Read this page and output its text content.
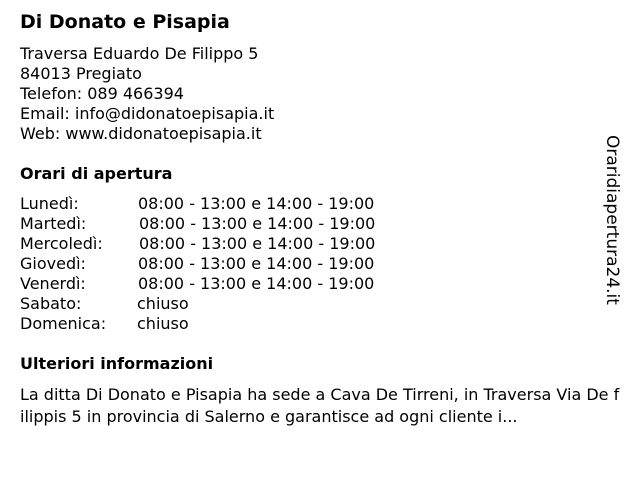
Di Donato e Pisapia
Traversa Eduardo De Filippo 5
84013 Pregiato
Telefon: 089 466394
Email: info@didonatoepisapia.it
Web: www.didonatoepisapia.it
Orari di apertura
Lunedì:	08:00 - 13:00 e 14:00 - 19:00
Martedì:	08:00 - 13:00 e 14:00 - 19:00
Mercoledì: 08:00 - 13:00 e 14:00 - 19:00
Giovedì:	08:00 - 13:00 e 14:00 - 19:00
Venerdì:	08:00 - 13:00 e 14:00 - 19:00
Sabato:	chiuso
Domenica: chiuso
Ulteriori informazioni

La ditta Di Donato e Pisapia ha sede a Cava De Tirreni, in Traversa Via De filippis 5 in provincia di Salerno e garantisce ad ogni cliente i...

Oraridiapertura24.it
